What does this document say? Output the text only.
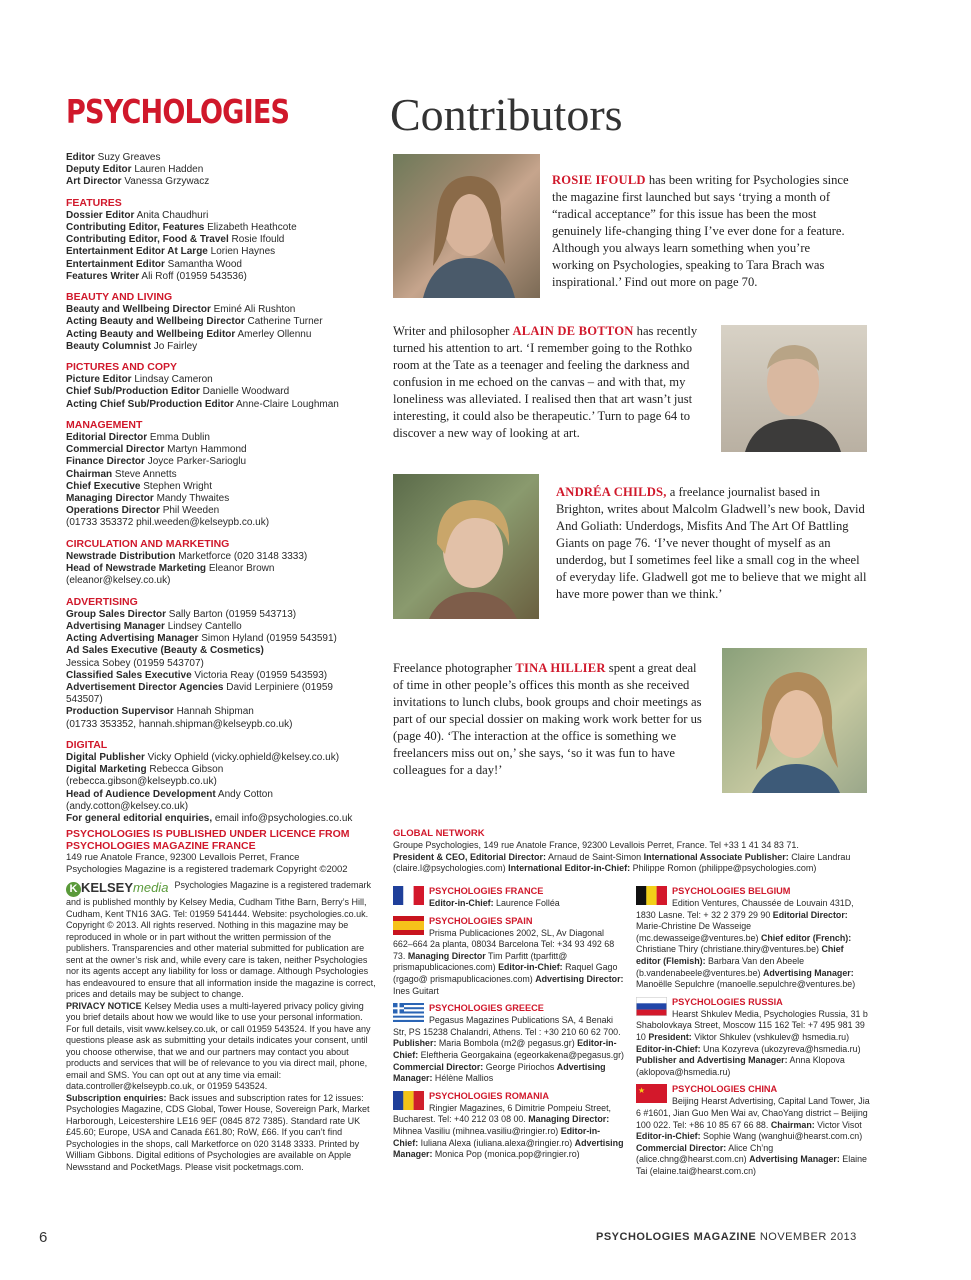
PSYCHOLOGIES Contributors
Editor Suzy Greaves
Deputy Editor Lauren Hadden
Art Director Vanessa Grzywacz
FEATURES
Dossier Editor Anita Chaudhuri
Contributing Editor, Features Elizabeth Heathcote
Contributing Editor, Food & Travel Rosie Ifould
Entertainment Editor At Large Lorien Haynes
Entertainment Editor Samantha Wood
Features Writer Ali Roff (01959 543536)
BEAUTY AND LIVING
Beauty and Wellbeing Director Eminé Ali Rushton
Acting Beauty and Wellbeing Director Catherine Turner
Acting Beauty and Wellbeing Editor Amerley Ollennu
Beauty Columnist Jo Fairley
PICTURES AND COPY
Picture Editor Lindsay Cameron
Chief Sub/Production Editor Danielle Woodward
Acting Chief Sub/Production Editor Anne-Claire Loughman
MANAGEMENT
Editorial Director Emma Dublin
Commercial Director Martyn Hammond
Finance Director Joyce Parker-Sarioglu
Chairman Steve Annetts
Chief Executive Stephen Wright
Managing Director Mandy Thwaites
Operations Director Phil Weeden
(01733 353372 phil.weeden@kelseypb.co.uk)
CIRCULATION AND MARKETING
Newstrade Distribution Marketforce (020 3148 3333)
Head of Newstrade Marketing Eleanor Brown
(eleanor@kelsey.co.uk)
ADVERTISING
Group Sales Director Sally Barton (01959 543713)
Advertising Manager Lindsey Cantello
Acting Advertising Manager Simon Hyland (01959 543591)
Ad Sales Executive (Beauty & Cosmetics)
Jessica Sobey (01959 543707)
Classified Sales Executive Victoria Reay (01959 543593)
Advertisement Director Agencies David Lerpiniere (01959 543507)
Production Supervisor Hannah Shipman
(01733 353352, hannah.shipman@kelseypb.co.uk)
DIGITAL
Digital Publisher Vicky Ophield (vicky.ophield@kelsey.co.uk)
Digital Marketing Rebecca Gibson (rebecca.gibson@kelseypb.co.uk)
Head of Audience Development Andy Cotton
(andy.cotton@kelsey.co.uk)
For general editorial enquiries, email info@psychologies.co.uk
ROSIE IFOULD has been writing for Psychologies since the magazine first launched but says ‘trying a month of “radical acceptance” for this issue has been the most genuinely life-changing thing I’ve ever done for a feature. Although you always learn something when you’re working on Psychologies, speaking to Tara Brach was inspirational.’ Find out more on page 70.
Writer and philosopher ALAIN DE BOTTON has recently turned his attention to art. ‘I remember going to the Rothko room at the Tate as a teenager and feeling the darkness and confusion in me echoed on the canvas – and with that, my loneliness was alleviated. I realised then that art wasn’t just interesting, it could also be therapeutic.’ Turn to page 64 to discover a new way of looking at art.
ANDRÉA CHILDS, a freelance journalist based in Brighton, writes about Malcolm Gladwell’s new book, David And Goliath: Underdogs, Misfits And The Art Of Battling Giants on page 76. ‘I’ve never thought of myself as an underdog, but I sometimes feel like a small cog in the wheel of everyday life. Gladwell got me to believe that we might all have more power than we think.’
Freelance photographer TINA HILLIER spent a great deal of time in other people’s offices this month as she received invitations to lunch clubs, book groups and choir meetings as part of our special dossier on making work work better for us (page 40). ‘The interaction at the office is something we freelancers miss out on,’ she says, ‘so it was fun to have colleagues for a day!’
PSYCHOLOGIES IS PUBLISHED UNDER LICENCE FROM PSYCHOLOGIES MAGAZINE FRANCE
149 rue Anatole France, 92300 Levallois Perret, France
Psychologies Magazine is a registered trademark Copyright ©2002
K KELSEYmedia Psychologies Magazine is a registered trademark and is published monthly by Kelsey Media, Cudham Tithe Barn, Berry’s Hill, Cudham, Kent TN16 3AG. Tel: 01959 541444. Website: psychologies.co.uk. Copyright © 2013. All rights reserved. Nothing in this magazine may be reproduced in whole or in part without the written permission of the publishers. Transparencies and other material submitted for publication are sent at the owner’s risk and, while every care is taken, neither Psychologies nor its agents accept any liability for loss or damage. Although Psychologies has endeavoured to ensure that all information inside the magazine is correct, prices and details may be subject to change.
PRIVACY NOTICE Kelsey Media uses a multi-layered privacy policy giving you brief details about how we would like to use your personal information. For full details, visit www.kelsey.co.uk, or call 01959 543524. If you have any questions please ask as submitting your details indicates your consent, until you choose otherwise, that we and our partners may contact you about products and services that will be of relevance to you via direct mail, phone, email and SMS. You can opt out at any time via email: data.controller@kelseypb.co.uk, or 01959 543524.
Subscription enquiries: Back issues and subscription rates for 12 issues: Psychologies Magazine, CDS Global, Tower House, Sovereign Park, Market Harborough, Leicestershire LE16 9EF (0845 872 7385). Standard rate UK £45.60; Europe, USA and Canada £61.80; RoW, £66. If you can’t find Psychologies in the shops, call Marketforce on 020 3148 3333. Printed by William Gibbons. Digital editions of Psychologies are available on Apple Newsstand and PocketMags. Please visit pocketmags.com.
GLOBAL NETWORK
Groupe Psychologies, 149 rue Anatole France, 92300 Levallois Perret, France. Tel +33 1 41 34 83 71.
President & CEO, Editorial Director: Arnaud de Saint-Simon International Associate Publisher: Claire Landrau (claire.l@psychologies.com) International Editor-in-Chief: Philippe Romon (philippe@psychologies.com)
PSYCHOLOGIES FRANCE
Editor-in-Chief: Laurence Folléa
PSYCHOLOGIES SPAIN
Prisma Publicaciones 2002, SL, Av Diagonal 662–664 2a planta, 08034 Barcelona Tel: +34 93 492 68 73. Managing Director Tim Parfitt (tparfitt@ prismapublicaciones.com) Editor-in-Chief: Raquel Gago (rgago@ prismapublicaciones.com) Advertising Director: Ines Guitart
PSYCHOLOGIES GREECE
Pegasus Magazines Publications SA, 4 Benaki Str, PS 15238 Chalandri, Athens. Tel : +30 210 60 62 700. Publisher: Maria Bombola (m2@ pegasus.gr) Editor-in-Chief: Eleftheria Georgakaina (egeorkakena@pegasus.gr) Commercial Director: George Piriochos Advertising Manager: Hélène Mallios
PSYCHOLOGIES ROMANIA
Ringier Magazines, 6 Dimitrie Pompeiu Street, Bucharest. Tel: +40 212 03 08 00. Managing Director: Mihnea Vasiliu (mihnea.vasiliu@ringier.ro) Editor-in-Chief: Iuliana Alexa (iuliana.alexa@ringier.ro) Advertising Manager: Monica Pop (monica.pop@ringier.ro)
PSYCHOLOGIES BELGIUM
Edition Ventures, Chaussée de Louvain 431D, 1830 Lasne. Tel: + 32 2 379 29 90 Editorial Director: Marie-Christine De Wasseige (mc.dewasseige@ventures.be) Chief editor (French): Christiane Thiry (christiane.thiry@ventures.be) Chief editor (Flemish): Barbara Van den Abeele (b.vandenabeele@ventures.be) Advertising Manager: Manoëlle Sepulchre (manoelle.sepulchre@ventures.be)
PSYCHOLOGIES RUSSIA
Hearst Shkulev Media, Psychologies Russia, 31 b Shabolovkaya Street, Moscow 115 162 Tel: +7 495 981 39 10 President: Viktor Shkulev (vshkulev@ hsmedia.ru) Editor-in-Chief: Una Kozyreva (ukozyreva@hsmedia.ru) Publisher and Advertising Manager: Anna Klopova (aklopova@hsmedia.ru)
★	PSYCHOLOGIES CHINA
Beijing Hearst Advertising, Capital Land Tower, Jia 6 #1601, Jian Guo Men Wai av, ChaoYang district – Beijing 100 022. Tel: +86 10 85 67 66 88. Chairman: Victor Visot Editor-in-Chief: Sophie Wang (wanghui@hearst.com.cn) Commercial Director: Alice Ch’ng (alice.chng@hearst.com.cn) Advertising Manager: Elaine Tai (elaine.tai@hearst.com.cn)
6	PSYCHOLOGIES MAGAZINE NOVEMBER 2013
